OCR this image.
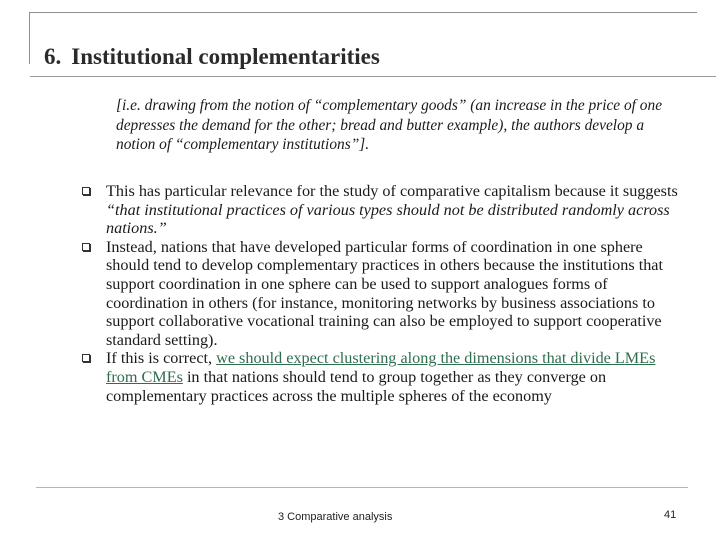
6. Institutional complementarities
[i.e. drawing from the notion of “complementary goods” (an increase in the price of one depresses the demand for the other; bread and butter example), the authors develop a notion of “complementary institutions”].
This has particular relevance for the study of comparative capitalism because it suggests “that institutional practices of various types should not be distributed randomly across nations.”
Instead, nations that have developed particular forms of coordination in one sphere should tend to develop complementary practices in others because the institutions that support coordination in one sphere can be used to support analogues forms of coordination in others (for instance, monitoring networks by business associations to support collaborative vocational training can also be employed to support cooperative standard setting).
If this is correct, we should expect clustering along the dimensions that divide LMEs from CMEs in that nations should tend to group together as they converge on complementary practices across the multiple spheres of the economy
3 Comparative analysis	41
